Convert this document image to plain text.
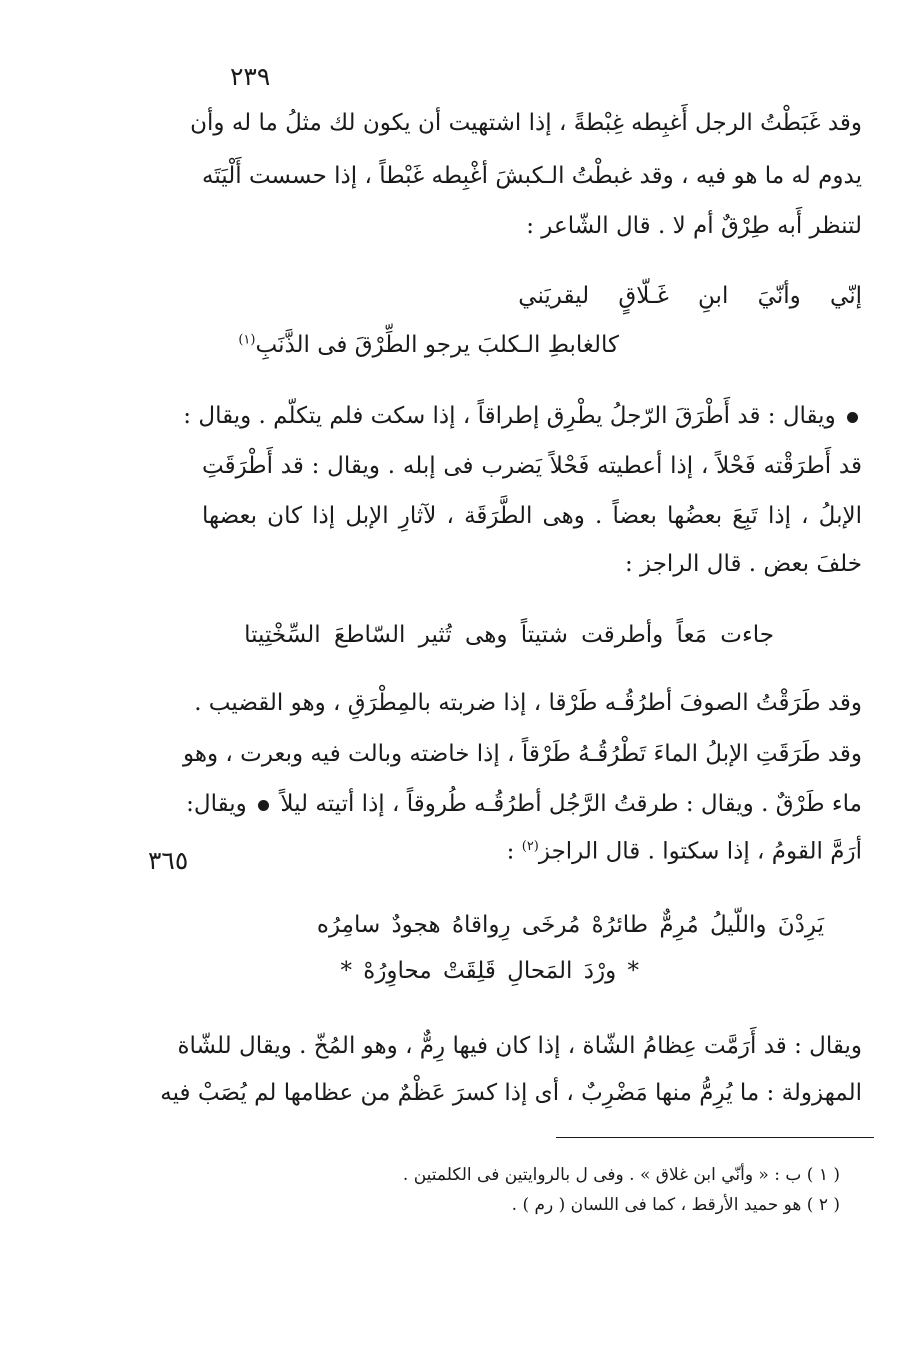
٢٣٩
٣٦٥
وقد غَبَطْتُ الرجل أَغبِطه غِبْطةً ، إذا اشتهيت أن يكون لك مثلُ ما له وأن
يدوم له ما هو فيه ، وقد غبطْتُ الـكبشَ أغْبِطه غَبْطاً ، إذا حسست أَلْيَتَه
لتنظر أَبه طِرْقٌ أم لا . قال الشّاعر :
إنّي وأنّيَ ابنِ غَـلّاقٍ ليقريَني
كالغابطِ الـكلبَ يرجو الطِّرْقَ فى الذَّنَبِ$^{(١)}$
ويقال : قد أَطْرَقَ الرّجلُ يطْرِق إطراقاً ، إذا سكت فلم يتكلّم . ويقال :
قد أَطرَقْته فَحْلاً ، إذا أعطيته فَحْلاً يَضرب فى إبله . ويقال : قد أَطْرَقَتِ
الإبلُ ، إذا تَبِعَ بعضُها بعضاً . وهى الطَّرَقَة ، لآثارِ الإبل إذا كان بعضها
خلفَ بعض . قال الراجز :
جاءت مَعاً وأطرقت شتيتاً وهى تُثير السّاطعَ السِّخْتِيتا
وقد طَرَقْتُ الصوفَ أطرُقُـه طَرْقا ، إذا ضربته بالمِطْرَقِ ، وهو القضيب .
وقد طَرَقَتِ الإبلُ الماءَ تَطْرُقُـهُ طَرْقاً ، إذا خاضته وبالت فيه وبعرت ، وهو
ماء طَرْقٌ . ويقال : طرقتُ الرَّجُل أطرُقُـه طُروقاً ، إذا أتيته ليلاً  ويقال:
أرَمَّ القومُ ، إذا سكتوا . قال الراجز$^{(٢)}$ :
يَرِدْنَ واللّيلُ مُرِمٌّ طائرُهْ مُرخَى رِواقاهُ هجودٌ سامِرُه
* ورْدَ المَحالِ قَلِقَتْ محاوِرُهْ *
ويقال : قد أَرَمَّت عِظامُ الشّاة ، إذا كان فيها رِمٌّ ، وهو المُخّ . ويقال للشّاة
المهزولة : ما يُرِمُّ منها مَضْرِبٌ ، أى إذا كسرَ عَظْمٌ من عظامها لم يُصَبْ فيه
( ١ ) ب : « وأنّي ابن غلاق » . وفى ل بالروايتين فى الكلمتين .
( ٢ ) هو حميد الأرقط ، كما فى اللسان ( رم ) .
